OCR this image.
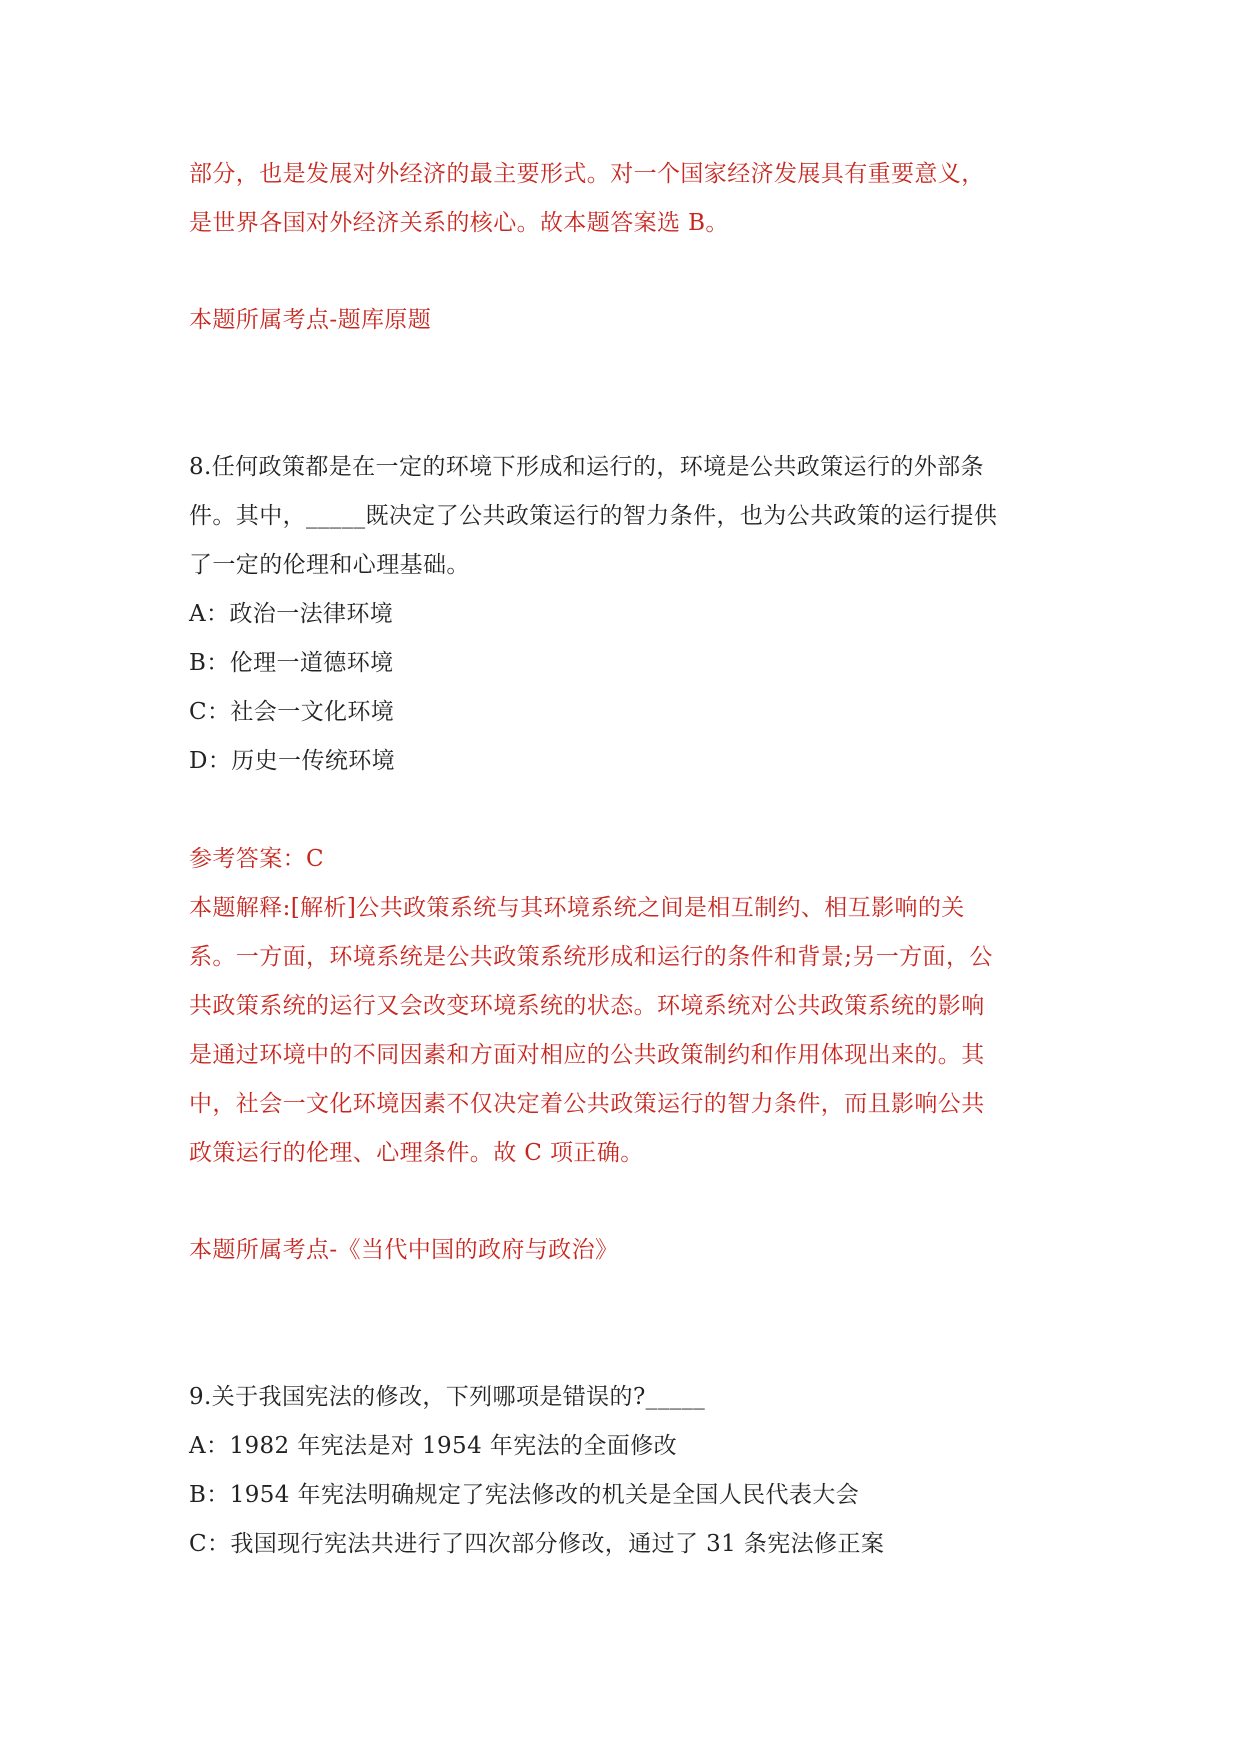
部分，也是发展对外经济的最主要形式。对一个国家经济发展具有重要意义，
是世界各国对外经济关系的核心。故本题答案选 B。
本题所属考点-题库原题
8.任何政策都是在一定的环境下形成和运行的，环境是公共政策运行的外部条
件。其中，_____既决定了公共政策运行的智力条件，也为公共政策的运行提供
了一定的伦理和心理基础。
A：政治一法律环境
B：伦理一道德环境
C：社会一文化环境
D：历史一传统环境
参考答案：C
本题解释:[解析]公共政策系统与其环境系统之间是相互制约、相互影响的关
系。一方面，环境系统是公共政策系统形成和运行的条件和背景;另一方面，公
共政策系统的运行又会改变环境系统的状态。环境系统对公共政策系统的影响
是通过环境中的不同因素和方面对相应的公共政策制约和作用体现出来的。其
中，社会一文化环境因素不仅决定着公共政策运行的智力条件，而且影响公共
政策运行的伦理、心理条件。故 C 项正确。
本题所属考点-《当代中国的政府与政治》
9.关于我国宪法的修改，下列哪项是错误的?_____
A：1982 年宪法是对 1954 年宪法的全面修改
B：1954 年宪法明确规定了宪法修改的机关是全国人民代表大会
C：我国现行宪法共进行了四次部分修改，通过了 31 条宪法修正案
